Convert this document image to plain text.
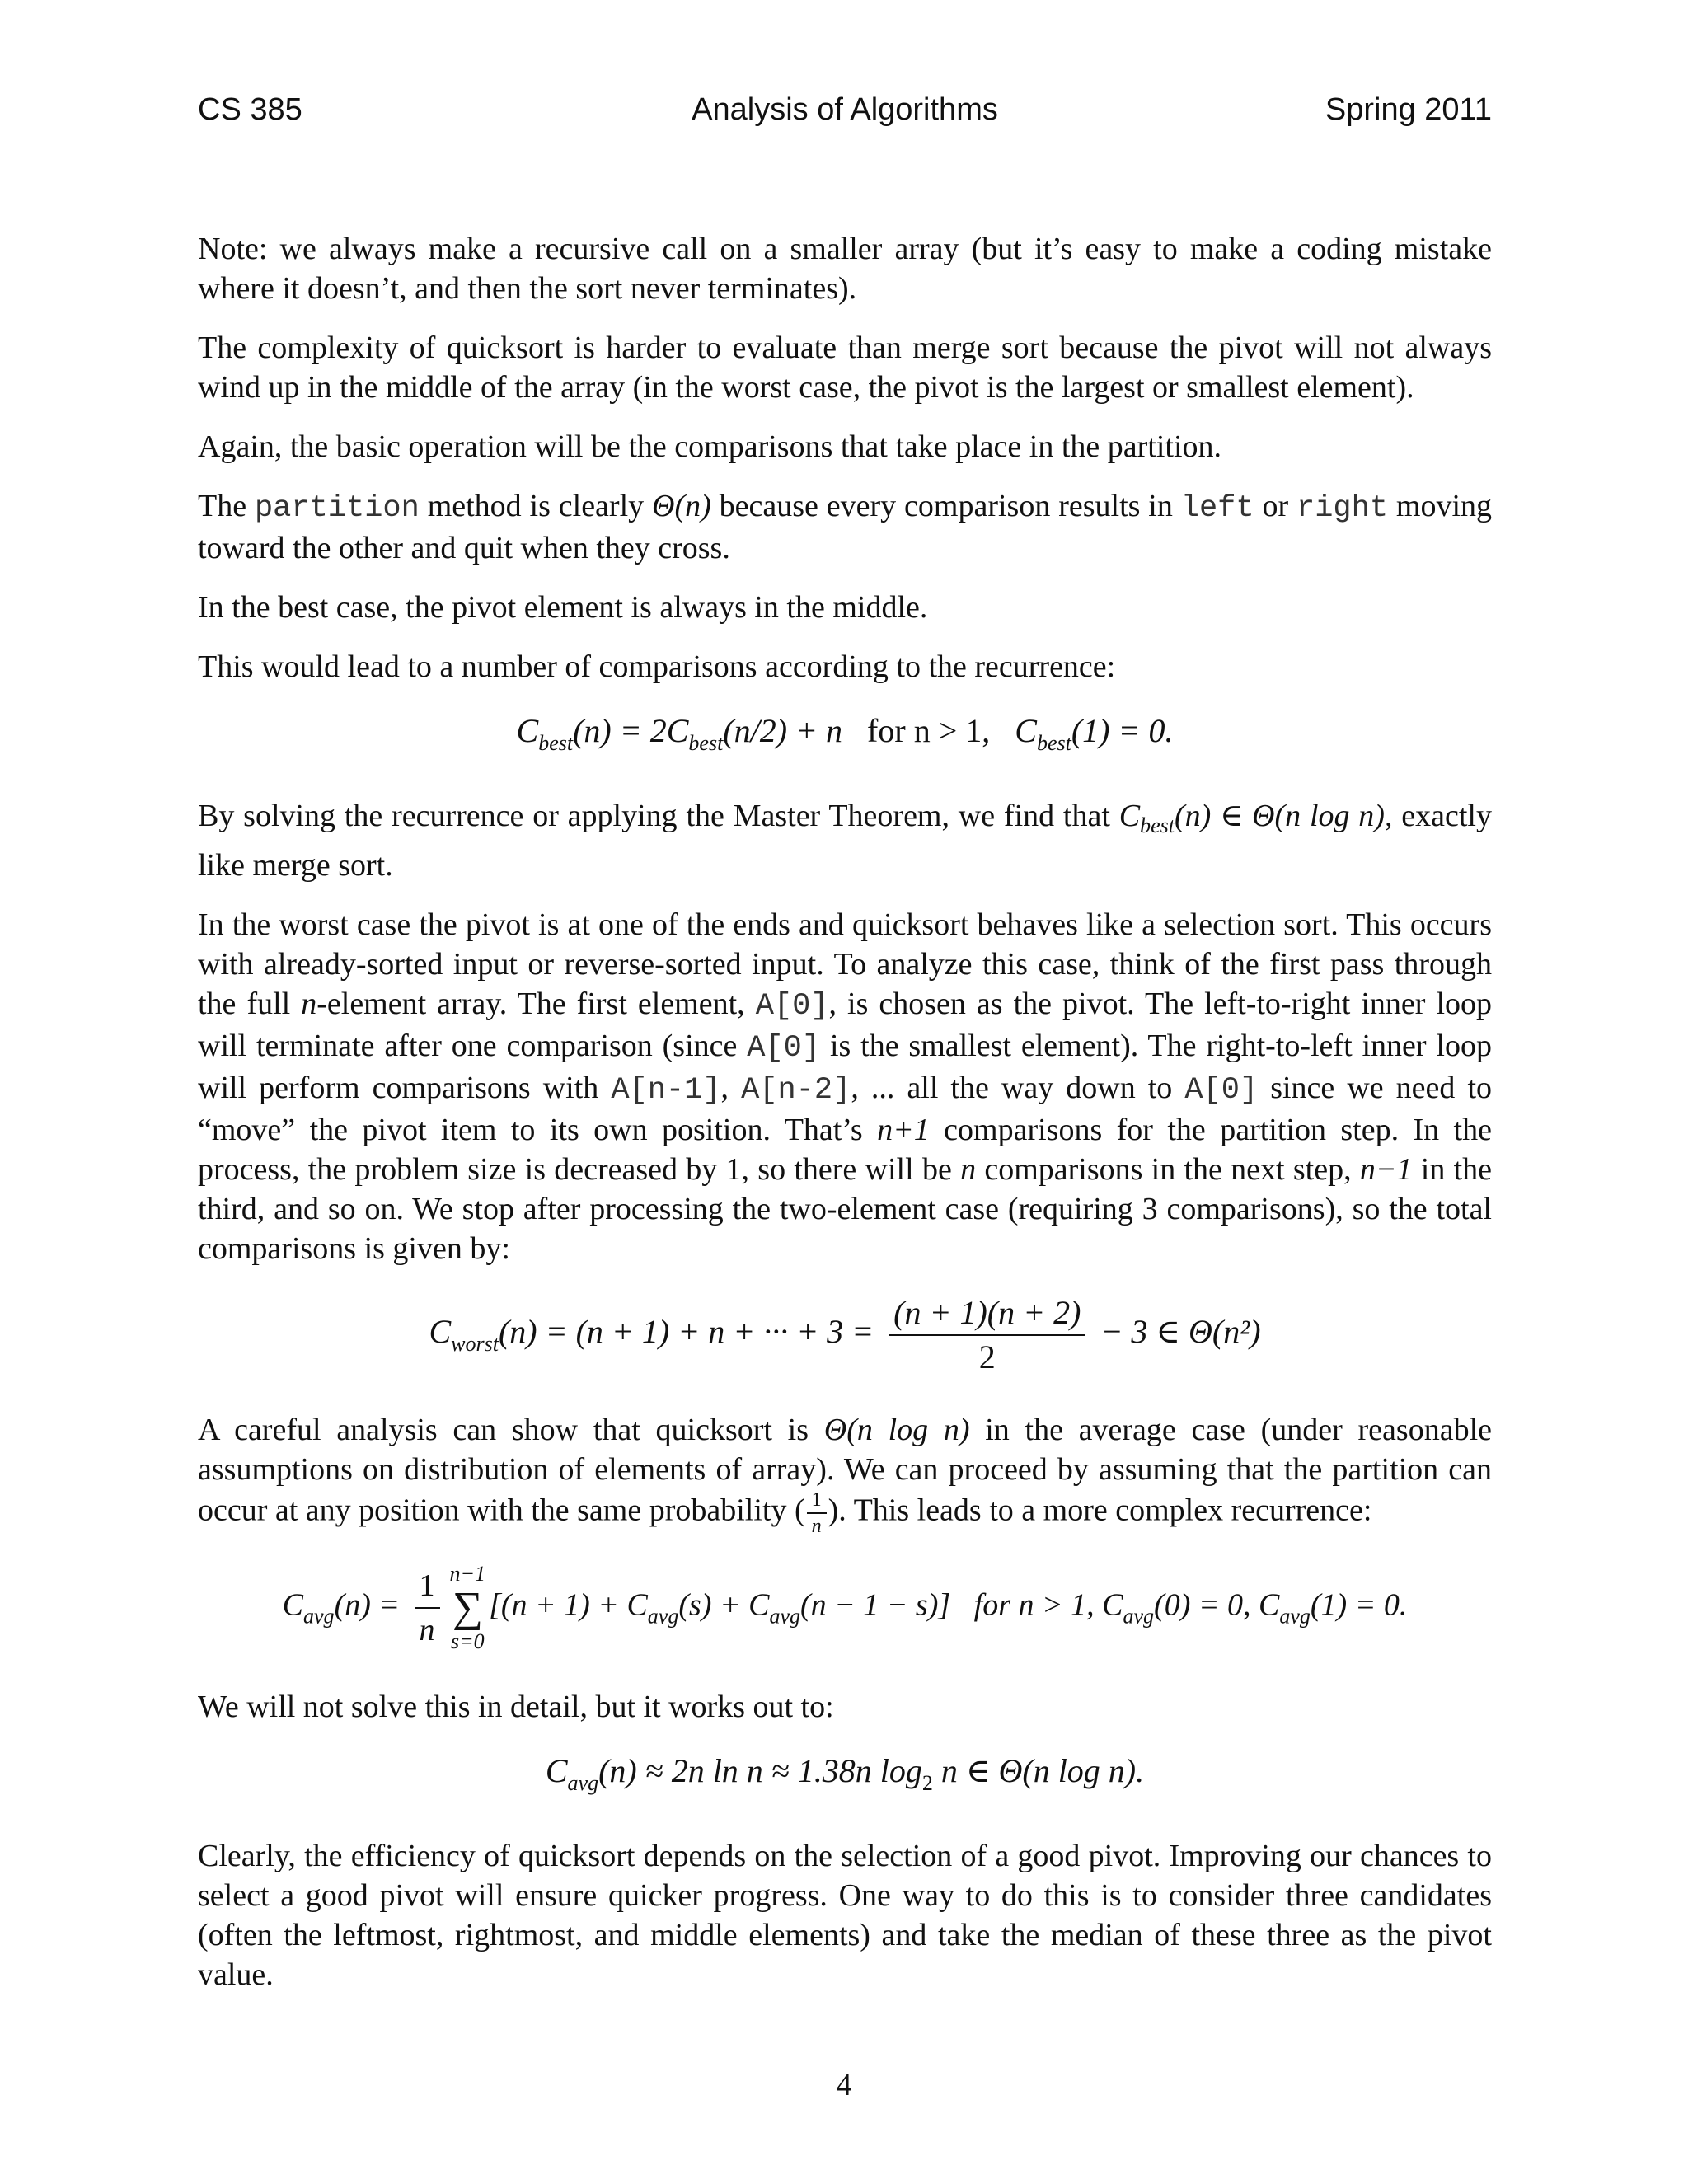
CS 385	Analysis of Algorithms	Spring 2011

Note: we always make a recursive call on a smaller array (but it’s easy to make a coding mistake where it doesn’t, and then the sort never terminates).

The complexity of quicksort is harder to evaluate than merge sort because the pivot will not always wind up in the middle of the array (in the worst case, the pivot is the largest or smallest element).

Again, the basic operation will be the comparisons that take place in the partition.

The partition method is clearly Θ(n) because every comparison results in left or right moving toward the other and quit when they cross.

In the best case, the pivot element is always in the middle.

This would lead to a number of comparisons according to the recurrence:

$C_{best}(n) = 2C_{best}(n/2) + n$ for n > 1, $C_{best}(1) = 0$.

By solving the recurrence or applying the Master Theorem, we find that $C_{best}(n)$ ∈ Θ(n log n), exactly like merge sort.

In the worst case the pivot is at one of the ends and quicksort behaves like a selection sort. This occurs with already-sorted input or reverse-sorted input. To analyze this case, think of the first pass through the full n-element array. The first element, A[0], is chosen as the pivot. The left-to-right inner loop will terminate after one comparison (since A[0] is the smallest element). The right-to-left inner loop will perform comparisons with A[n-1], A[n-2], ... all the way down to A[0] since we need to “move” the pivot item to its own position. That’s n+1 comparisons for the partition step. In the process, the problem size is decreased by 1, so there will be n comparisons in the next step, n−1 in the third, and so on. We stop after processing the two-element case (requiring 3 comparisons), so the total comparisons is given by:

$C_{worst}(n) = (n + 1) + n$ + ··· + $3 = \frac{(n + 1)(n + 2)}{2} - 3$ ∈ Θ(n²)

A careful analysis can show that quicksort is Θ(n log n) in the average case (under reasonable assumptions on distribution of elements of array). We can proceed by assuming that the partition can occur at any position with the same probability ( $\frac{1}{n}$ ). This leads to a more complex recurrence:

$C_{avg}(n) = \frac{1}{n} n-1$
∑
s=0
$[(n + 1) + C_{avg}(s) + C_{avg}(n - 1 - s)]$ for n > 1, $C_{avg}(0) = 0$, $C_{avg}(1) = 0$.

We will not solve this in detail, but it works out to:

$C_{avg}(n) \approx 2n$ ln n ≈ 1.38n $\log_2 n$ ∈ Θ(n log n).

Clearly, the efficiency of quicksort depends on the selection of a good pivot. Improving our chances to select a good pivot will ensure quicker progress. One way to do this is to consider three candidates (often the leftmost, rightmost, and middle elements) and take the median of these three as the pivot value.

4
